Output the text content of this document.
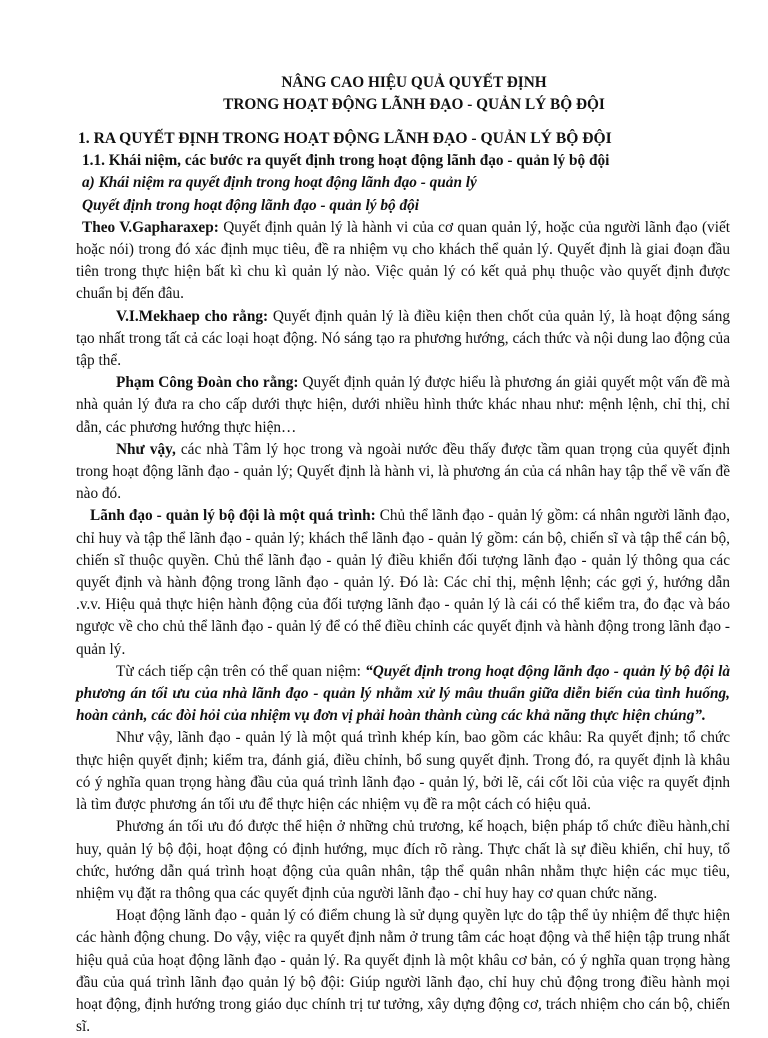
NÂNG CAO HIỆU QUẢ QUYẾT ĐỊNH

TRONG HOẠT ĐỘNG LÃNH ĐẠO - QUẢN LÝ BỘ ĐỘI

1. RA QUYẾT ĐỊNH TRONG HOẠT ĐỘNG LÃNH ĐẠO - QUẢN LÝ BỘ ĐỘI

1.1. Khái niệm, các bước ra quyết định trong hoạt động lãnh đạo - quản lý bộ đội

a) Khái niệm ra quyết định trong hoạt động lãnh đạo - quản lý

Quyết định trong hoạt động lãnh đạo - quản lý bộ đội

Theo V.Gapharaxep: Quyết định quản lý là hành vi của cơ quan quản lý, hoặc của người lãnh đạo (viết hoặc nói) trong đó xác định mục tiêu, đề ra nhiệm vụ cho khách thể quản lý. Quyết định là giai đoạn đầu tiên trong thực hiện bất kì chu kì quản lý nào. Việc quản lý có kết quả phụ thuộc vào quyết định được chuẩn bị đến đâu.

V.I.Mekhaep cho rằng: Quyết định quản lý là điều kiện then chốt của quản lý, là hoạt động sáng tạo nhất trong tất cả các loại hoạt động. Nó sáng tạo ra phương hướng, cách thức và nội dung lao động của tập thể.

Phạm Công Đoàn cho rằng: Quyết định quản lý được hiểu là phương án giải quyết một vấn đề mà nhà quản lý đưa ra cho cấp dưới thực hiện, dưới nhiều hình thức khác nhau như: mệnh lệnh, chỉ thị, chỉ dẫn, các phương hướng thực hiện…

Như vậy, các nhà Tâm lý học trong và ngoài nước đều thấy được tầm quan trọng của quyết định trong hoạt động lãnh đạo - quản lý; Quyết định là hành vi, là phương án của cá nhân hay tập thể về vấn đề nào đó.

Lãnh đạo - quản lý bộ đội là một quá trình: Chủ thể lãnh đạo - quản lý gồm: cá nhân người lãnh đạo, chỉ huy và tập thể lãnh đạo - quản lý; khách thể lãnh đạo - quản lý gồm: cán bộ, chiến sĩ và tập thể cán bộ, chiến sĩ thuộc quyền. Chủ thể lãnh đạo - quản lý điều khiển đối tượng lãnh đạo - quản lý thông qua các quyết định và hành động trong lãnh đạo - quản lý. Đó là: Các chỉ thị, mệnh lệnh; các gợi ý, hướng dẫn .v.v. Hiệu quả thực hiện hành động của đối tượng lãnh đạo - quản lý là cái có thể kiểm tra, đo đạc và báo ngược về cho chủ thể lãnh đạo - quản lý để có thể điều chỉnh các quyết định và hành động trong lãnh đạo - quản lý.

Từ cách tiếp cận trên có thể quan niệm: “Quyết định trong hoạt động lãnh đạo - quản lý bộ đội là phương án tối ưu của nhà lãnh đạo - quản lý nhằm xử lý mâu thuẩn giữa diễn biến của tình huống, hoàn cảnh, các đòi hỏi của nhiệm vụ đơn vị phải hoàn thành cùng các khả năng thực hiện chúng”.

Như vậy, lãnh đạo - quản lý là một quá trình khép kín, bao gồm các khâu: Ra quyết định; tổ chức thực hiện quyết định; kiểm tra, đánh giá, điều chỉnh, bổ sung quyết định. Trong đó, ra quyết định là khâu có ý nghĩa quan trọng hàng đầu của quá trình lãnh đạo - quản lý, bởi lẽ, cái cốt lõi của việc ra quyết định là tìm được phương án tối ưu để thực hiện các nhiệm vụ đề ra một cách có hiệu quả.

Phương án tối ưu đó được thể hiện ở những chủ trương, kế hoạch, biện pháp tổ chức điều hành,chỉ huy, quản lý bộ đội, hoạt động có định hướng, mục đích rõ ràng. Thực chất là sự điều khiển, chỉ huy, tổ chức, hướng dẫn quá trình hoạt động của quân nhân, tập thể quân nhân nhằm thực hiện các mục tiêu, nhiệm vụ đặt ra thông qua các quyết định của người lãnh đạo - chỉ huy hay cơ quan chức năng.

Hoạt động lãnh đạo - quản lý có điểm chung là sử dụng quyền lực do tập thể ủy nhiệm để thực hiện các hành động chung. Do vậy, việc ra quyết định nằm ở trung tâm các hoạt động và thể hiện tập trung nhất hiệu quả của hoạt động lãnh đạo - quản lý. Ra quyết định là một khâu cơ bản, có ý nghĩa quan trọng hàng đầu của quá trình lãnh đạo quản lý bộ đội: Giúp người lãnh đạo, chỉ huy chủ động trong điều hành mọi hoạt động, định hướng trong giáo dục chính trị tư tưởng, xây dựng động cơ, trách nhiệm cho cán bộ, chiến sĩ.
